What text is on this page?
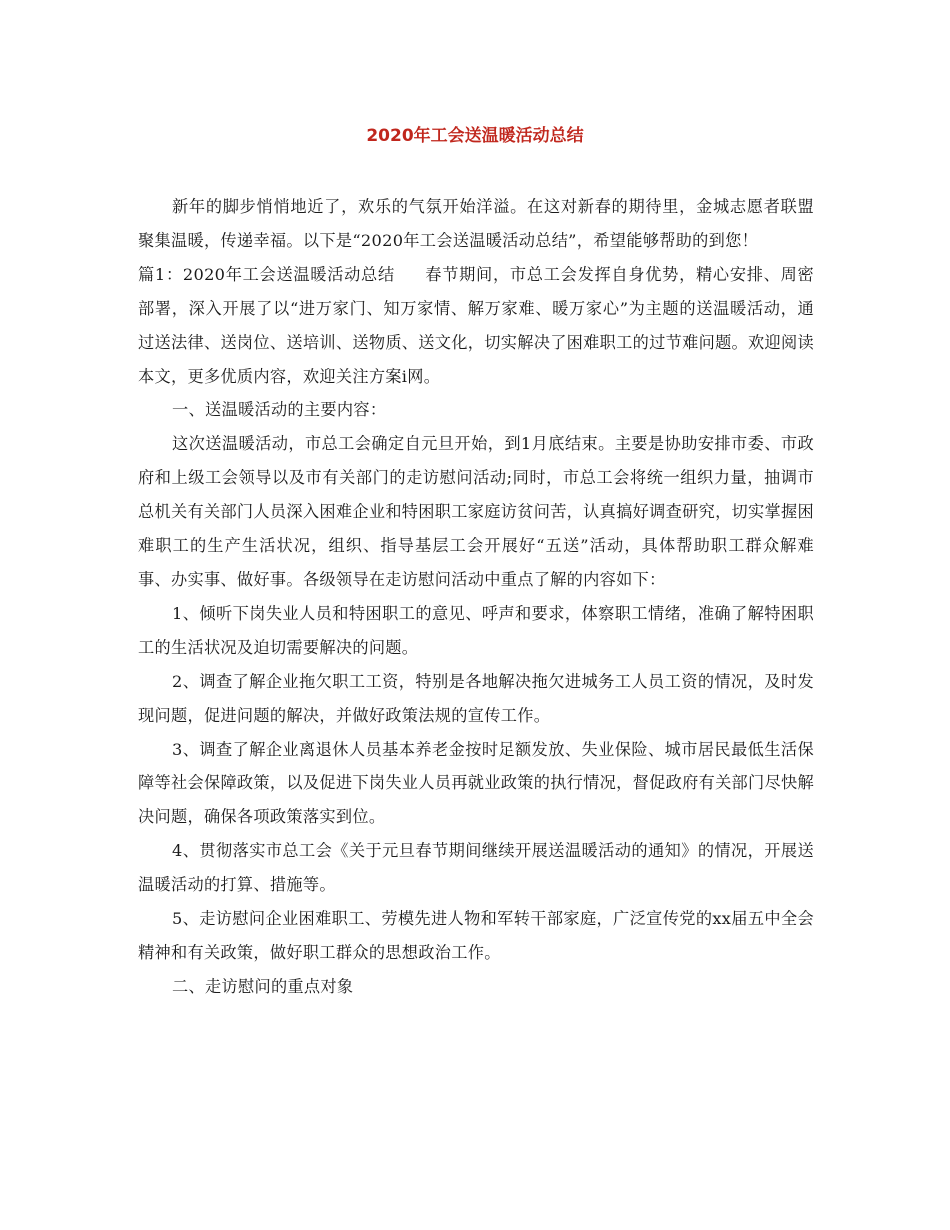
2020年工会送温暖活动总结

新年的脚步悄悄地近了，欢乐的气氛开始洋溢。在这对新春的期待里，金城志愿者联盟聚集温暖，传递幸福。以下是“2020年工会送温暖活动总结”，希望能够帮助的到您！

篇1：2020年工会送温暖活动总结 春节期间，市总工会发挥自身优势，精心安排、周密部署，深入开展了以“进万家门、知万家情、解万家难、暖万家心”为主题的送温暖活动，通过送法律、送岗位、送培训、送物质、送文化，切实解决了困难职工的过节难问题。欢迎阅读本文，更多优质内容，欢迎关注方案i网。

一、送温暖活动的主要内容：

这次送温暖活动，市总工会确定自元旦开始，到1月底结束。主要是协助安排市委、市政府和上级工会领导以及市有关部门的走访慰问活动;同时，市总工会将统一组织力量，抽调市总机关有关部门人员深入困难企业和特困职工家庭访贫问苦，认真搞好调查研究，切实掌握困难职工的生产生活状况，组织、指导基层工会开展好“五送”活动，具体帮助职工群众解难事、办实事、做好事。各级领导在走访慰问活动中重点了解的内容如下：

1、倾听下岗失业人员和特困职工的意见、呼声和要求，体察职工情绪，准确了解特困职工的生活状况及迫切需要解决的问题。

2、调查了解企业拖欠职工工资，特别是各地解决拖欠进城务工人员工资的情况，及时发现问题，促进问题的解决，并做好政策法规的宣传工作。

3、调查了解企业离退休人员基本养老金按时足额发放、失业保险、城市居民最低生活保障等社会保障政策，以及促进下岗失业人员再就业政策的执行情况，督促政府有关部门尽快解决问题，确保各项政策落实到位。

4、贯彻落实市总工会《关于元旦春节期间继续开展送温暖活动的通知》的情况，开展送温暖活动的打算、措施等。

5、走访慰问企业困难职工、劳模先进人物和军转干部家庭，广泛宣传党的xx届五中全会精神和有关政策，做好职工群众的思想政治工作。

二、走访慰问的重点对象
